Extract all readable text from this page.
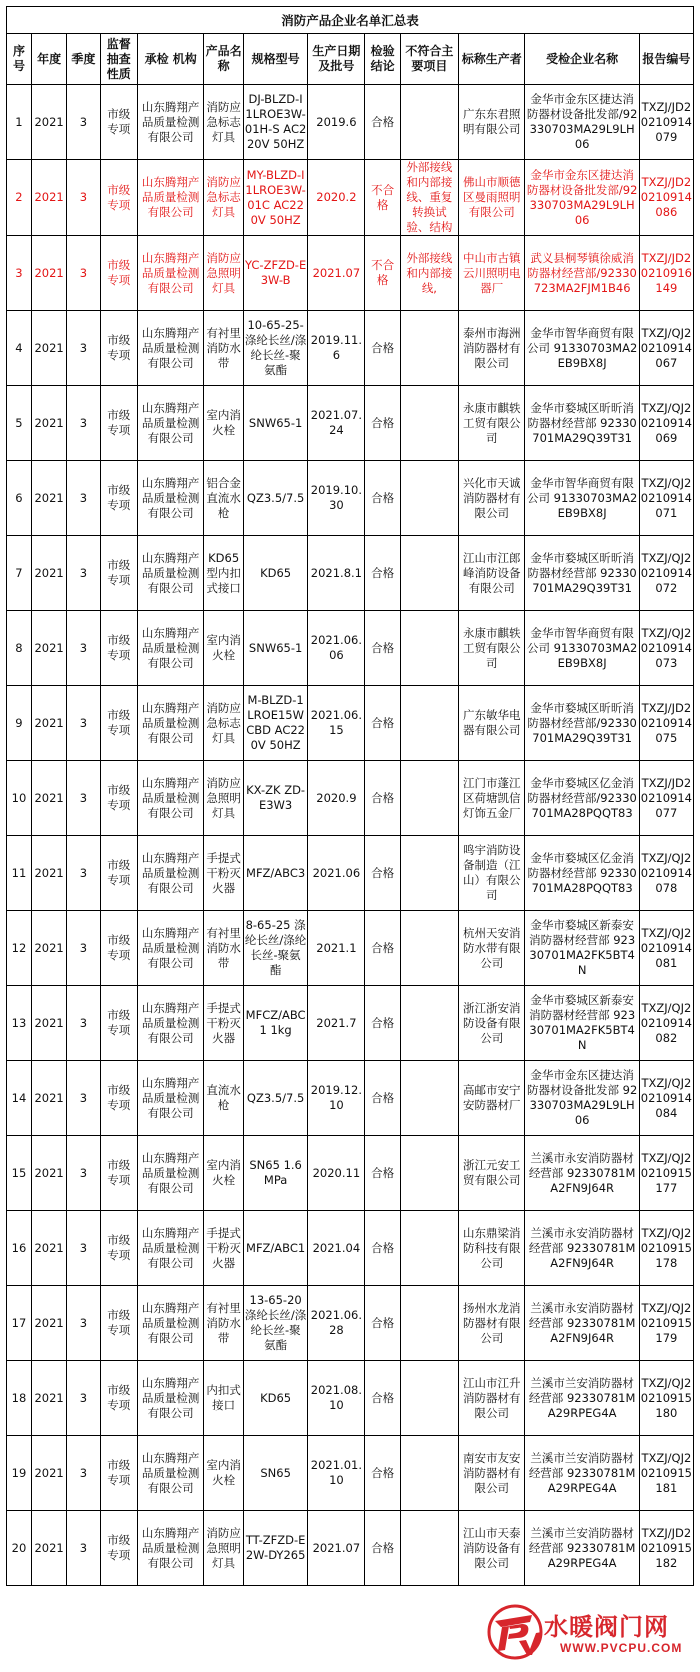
消防产品企业名单汇总表												
序号	年度	季度	监督抽查性质	承检 机构	产品名称	规格型号	生产日期及批号	检验结论	不符合主要项目	标称生产者	受检企业名称	报告编号
1	2021	3	市级专项	山东腾翔产品质量检测有限公司	消防应急标志灯具	DJ-BLZD-I1LROE3W-01H-S AC220V 50HZ	2019.6	合格		广东东君照明有限公司	金华市金东区捷达消防器材设备批发部/92330703MA29L9LH06	TXZJ/JD20210914079
2	2021	3	市级专项	山东腾翔产品质量检测有限公司	消防应急标志灯具	MY-BLZD-I1LROE3W-01C AC220V 50HZ	2020.2	不合格	外部接线和内部接线、重复转换试验、结构	佛山市顺德区曼雨照明有限公司	金华市金东区捷达消防器材设备批发部/92330703MA29L9LH06	TXZJ/JD20210914086
3	2021	3	市级专项	山东腾翔产品质量检测有限公司	消防应急照明灯具	YC-ZFZD-E3W-B	2021.07	不合格	外部接线和内部接线,	中山市古镇云川照明电器厂	武义县桐琴镇徐威消防器材经营部/92330723MA2FJM1B46	TXZJ/JD20210916149
4	2021	3	市级专项	山东腾翔产品质量检测有限公司	有衬里消防水带	10-65-25-涤纶长丝/涤纶长丝-聚氨酯	2019.11.6	合格		泰州市海洲消防器材有限公司	金华市智华商贸有限公司 91330703MA2EB9BX8J	TXZJ/QJ20210914067
5	2021	3	市级专项	山东腾翔产品质量检测有限公司	室内消火栓	SNW65-1	2021.07.24	合格		永康市麒轶工贸有限公司	金华市婺城区昕昕消防器材经营部 92330701MA29Q39T31	TXZJ/QJ20210914069
6	2021	3	市级专项	山东腾翔产品质量检测有限公司	铝合金直流水枪	QZ3.5/7.5	2019.10.30	合格		兴化市天诚消防器材有限公司	金华市智华商贸有限公司 91330703MA2EB9BX8J	TXZJ/QJ20210914071
7	2021	3	市级专项	山东腾翔产品质量检测有限公司	KD65型内扣式接口	KD65	2021.8.1	合格		江山市江郎峰消防设备有限公司	金华市婺城区昕昕消防器材经营部 92330701MA29Q39T31	TXZJ/QJ20210914072
8	2021	3	市级专项	山东腾翔产品质量检测有限公司	室内消火栓	SNW65-1	2021.06.06	合格		永康市麒轶工贸有限公司	金华市智华商贸有限公司 91330703MA2EB9BX8J	TXZJ/QJ20210914073
9	2021	3	市级专项	山东腾翔产品质量检测有限公司	消防应急标志灯具	M-BLZD-1LROE15WCBD AC220V 50HZ	2021.06.15	合格		广东敏华电器有限公司	金华市婺城区昕昕消防器材经营部/92330701MA29Q39T31	TXZJ/JD20210914075
10	2021	3	市级专项	山东腾翔产品质量检测有限公司	消防应急照明灯具	KX-ZK ZD-E3W3	2020.9	合格		江门市蓬江区荷塘凯信灯饰五金厂	金华市婺城区亿金消防器材经营部/92330701MA28PQQT83	TXZJ/JD20210914077
11	2021	3	市级专项	山东腾翔产品质量检测有限公司	手提式干粉灭火器	MFZ/ABC3	2021.06	合格		鸣宇消防设备制造（江山）有限公司	金华市婺城区亿金消防器材经营部 92330701MA28PQQT83	TXZJ/QJ20210914078
12	2021	3	市级专项	山东腾翔产品质量检测有限公司	有衬里消防水带	8-65-25 涤纶长丝/涤纶长丝-聚氨酯	2021.1	合格		杭州天安消防水带有限公司	金华市婺城区新泰安消防器材经营部 92330701MA2FK5BT4N	TXZJ/QJ20210914081
13	2021	3	市级专项	山东腾翔产品质量检测有限公司	手提式干粉灭火器	MFCZ/ABC1 1kg	2021.7	合格		浙江浙安消防设备有限公司	金华市婺城区新泰安消防器材经营部 92330701MA2FK5BT4N	TXZJ/QJ20210914082
14	2021	3	市级专项	山东腾翔产品质量检测有限公司	直流水枪	QZ3.5/7.5	2019.12.10	合格		高邮市安宁安防器材厂	金华市金东区捷达消防器材设备批发部 92330703MA29L9LH06	TXZJ/QJ20210914084
15	2021	3	市级专项	山东腾翔产品质量检测有限公司	室内消火栓	SN65 1.6MPa	2020.11	合格		浙江元安工贸有限公司	兰溪市永安消防器材经营部 92330781MA2FN9J64R	TXZJ/QJ20210915177
16	2021	3	市级专项	山东腾翔产品质量检测有限公司	手提式干粉灭火器	MFZ/ABC1	2021.04	合格		山东鼎梁消防科技有限公司	兰溪市永安消防器材经营部 92330781MA2FN9J64R	TXZJ/QJ20210915178
17	2021	3	市级专项	山东腾翔产品质量检测有限公司	有衬里消防水带	13-65-20 涤纶长丝/涤纶长丝-聚氨酯	2021.06.28	合格		扬州水龙消防器材有限公司	兰溪市永安消防器材经营部 92330781MA2FN9J64R	TXZJ/QJ20210915179
18	2021	3	市级专项	山东腾翔产品质量检测有限公司	内扣式接口	KD65	2021.08.10	合格		江山市江升消防器材有限公司	兰溪市兰安消防器材经营部 92330781MA29RPEG4A	TXZJ/QJ20210915180
19	2021	3	市级专项	山东腾翔产品质量检测有限公司	室内消火栓	SN65	2021.01.10	合格		南安市友安消防器材有限公司	兰溪市兰安消防器材经营部 92330781MA29RPEG4A	TXZJ/QJ20210915181
20	2021	3	市级专项	山东腾翔产品质量检测有限公司	消防应急照明灯具	TT-ZFZD-E2W-DY265	2021.07	合格		江山市天泰消防设备有限公司	兰溪市兰安消防器材经营部 92330781MA29RPEG4A	TXZJ/JD20210915182
水暖阀门网
WWW.PVCPU.COM
